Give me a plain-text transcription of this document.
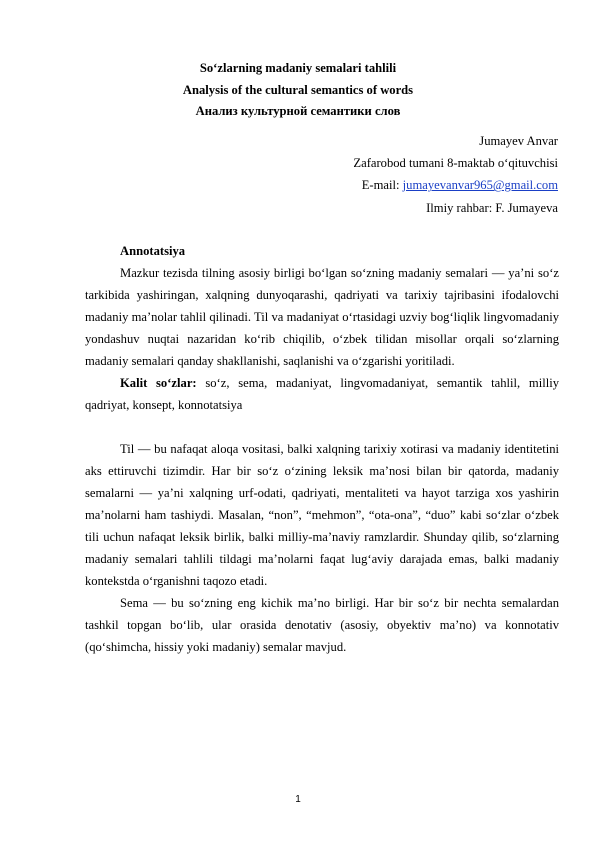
So‘zlarning madaniy semalari tahlili
Analysis of the cultural semantics of words
Анализ культурной семантики слов
Jumayev Anvar
Zafarobod tumani 8-maktab o‘qituvchisi
E-mail: jumayevanvar965@gmail.com
Ilmiy rahbar: F. Jumayeva

Annotatsiya

Mazkur tezisda tilning asosiy birligi bo‘lgan so‘zning madaniy semalari — ya’ni so‘z tarkibida yashiringan, xalqning dunyoqarashi, qadriyati va tarixiy tajribasini ifodalovchi madaniy ma’nolar tahlil qilinadi. Til va madaniyat o‘rtasidagi uzviy bog‘liqlik lingvomadaniy yondashuv nuqtai nazaridan ko‘rib chiqilib, o‘zbek tilidan misollar orqali so‘zlarning madaniy semalari qanday shakllanishi, saqlanishi va o‘zgarishi yoritiladi.

Kalit so‘zlar: so‘z, sema, madaniyat, lingvomadaniyat, semantik tahlil, milliy qadriyat, konsept, konnotatsiya

Til — bu nafaqat aloqa vositasi, balki xalqning tarixiy xotirasi va madaniy identitetini aks ettiruvchi tizimdir. Har bir so‘z o‘zining leksik ma’nosi bilan bir qatorda, madaniy semalarni — ya’ni xalqning urf-odati, qadriyati, mentaliteti va hayot tarziga xos yashirin ma’nolarni ham tashiydi. Masalan, “non”, “mehmon”, “ota-ona”, “duo” kabi so‘zlar o‘zbek tili uchun nafaqat leksik birlik, balki milliy-ma’naviy ramzlardir. Shunday qilib, so‘zlarning madaniy semalari tahlili tildagi ma’nolarni faqat lug‘aviy darajada emas, balki madaniy kontekstda o‘rganishni taqozo etadi.

Sema — bu so‘zning eng kichik ma’no birligi. Har bir so‘z bir nechta semalardan tashkil topgan bo‘lib, ular orasida denotativ (asosiy, obyektiv ma’no) va konnotativ (qo‘shimcha, hissiy yoki madaniy) semalar mavjud.

1
